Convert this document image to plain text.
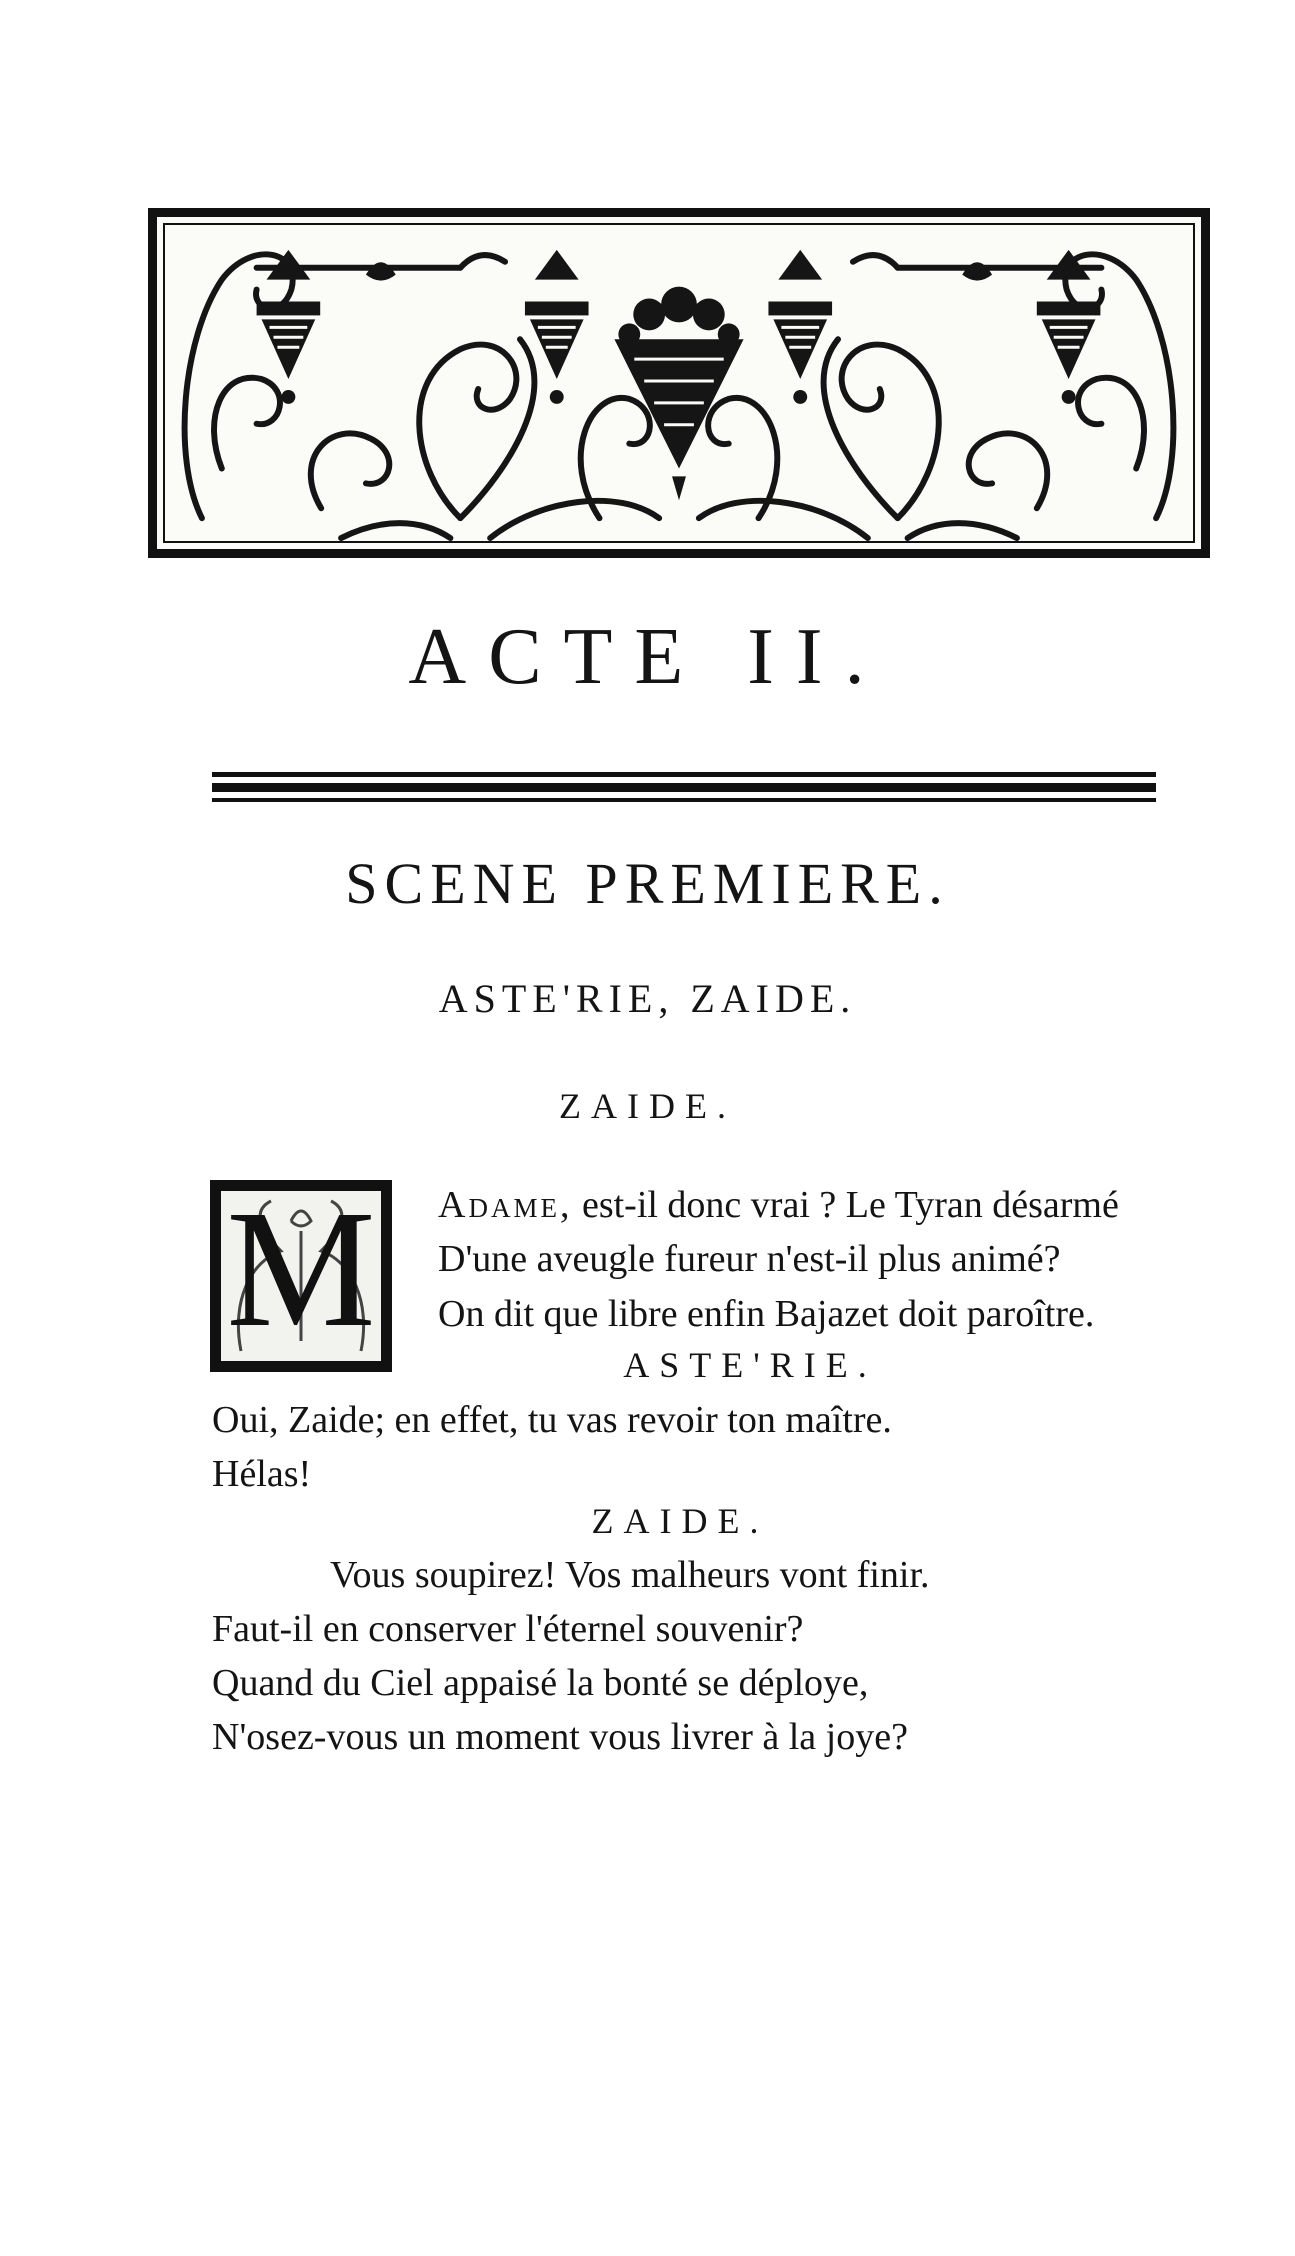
ACTE II.
SCENE PREMIERE.
ASTE'RIE, ZAIDE.
ZAIDE.
M Adame, est-il donc vrai ? Le Tyran désarmé
D'une aveugle fureur n'est-il plus animé?
On dit que libre enfin Bajazet doit paroître.
ASTE'RIE.
Oui, Zaide; en effet, tu vas revoir ton maître.
Hélas!
ZAIDE.
Vous soupirez! Vos malheurs vont finir.
Faut-il en conserver l'éternel souvenir?
Quand du Ciel appaisé la bonté se déploye,
N'osez-vous un moment vous livrer à la joye?
